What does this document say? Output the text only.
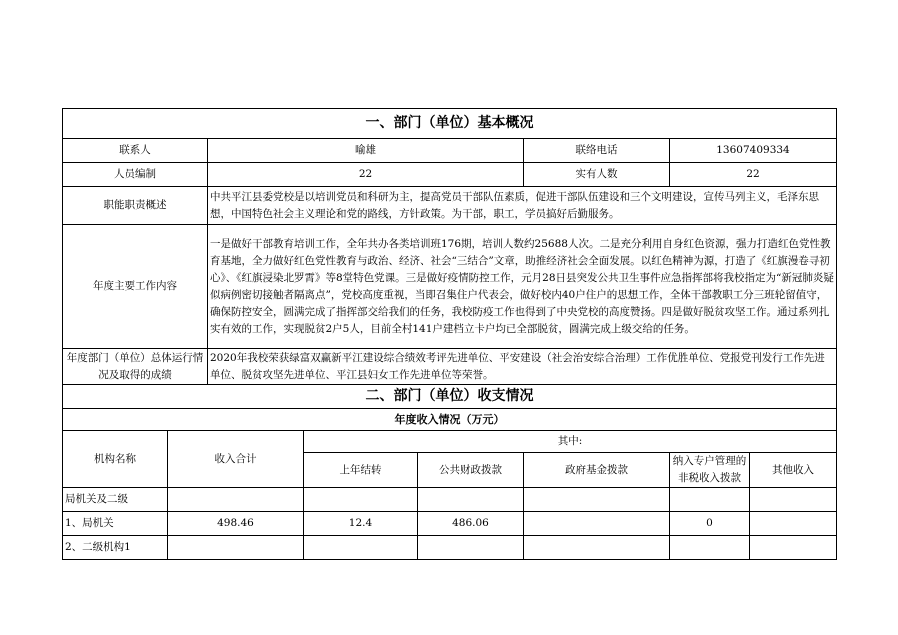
一、部门（单位）基本概况							
联系人		喻雄			联络电话	13607409334	
人员编制		22			实有人数	22	
职能职责概述		中共平江县委党校是以培训党员和科研为主，提高党员干部队伍素质，促进干部队伍建设和三个文明建设，宣传马列主义，毛泽东思想，中国特色社会主义理论和党的路线，方针政策。为干部，职工，学员搞好后勤服务。					
年度主要工作内容		一是做好干部教育培训工作，全年共办各类培训班176期，培训人数约25688人次。二是充分利用自身红色资源，强力打造红色党性教育基地，全力做好红色党性教育与政治、经济、社会“三结合”文章，助推经济社会全面发展。以红色精神为源，打造了《红旗漫卷寻初心》、《红旗浸染北罗霄》等8堂特色党课。三是做好疫情防控工作，元月28日县突发公共卫生事件应急指挥部将我校指定为“新冠肺炎疑似病例密切接触者隔离点”，党校高度重视，当即召集住户代表会，做好校内40户住户的思想工作，全体干部教职工分三班轮留值守，确保防控安全，圆满完成了指挥部交给我们的任务，我校防疫工作也得到了中央党校的高度赞扬。四是做好脱贫攻坚工作。通过系列扎实有效的工作，实现脱贫2户5人，目前全村141户建档立卡户均已全部脱贫，圆满完成上级交给的任务。					
年度部门（单位）总体运行情况及取得的成绩		2020年我校荣获绿富双赢新平江建设综合绩效考评先进单位、平安建设（社会治安综合治理）工作优胜单位、党报党刊发行工作先进单位、脱贫攻坚先进单位、平江县妇女工作先进单位等荣誉。					
二、部门（单位）收支情况							
年度收入情况（万元）							
机构名称	收入合计		其中:				
			上年结转	公共财政拨款	政府基金拨款	纳入专户管理的非税收入拨款	其他收入
局机关及二级							
1、局机关	498.46		12.4	486.06		0	
2、二级机构1							
